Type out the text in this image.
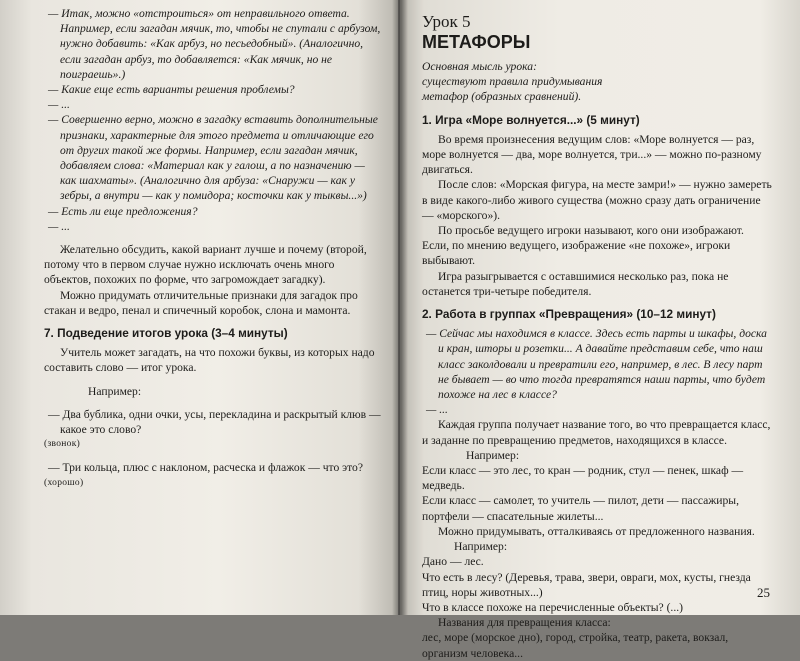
— Итак, можно «отстроиться» от неправильного ответа. Например, если загадан мячик, то, чтобы не спутали с арбузом, нужно добавить: «Как арбуз, но песьедобный». (Аналогично, если загадан арбуз, то добавляется: «Как мячик, но не поиграешь».)

— Какие еще есть варианты решения проблемы?

— ...

— Совершенно верно, можно в загадку вставить дополнительные признаки, характерные для этого предмета и отличающие его от других такой же формы. Например, если загадан мячик, добавляем слова: «Материал как у галош, а по назначению — как шахматы». (Аналогично для арбуза: «Снаружи — как у зебры, а внутри — как у помидора; косточки как у тыквы...»)

— Есть ли еще предложения?

— ...

Желательно обсудить, какой вариант лучше и почему (второй, потому что в первом случае нужно исключать очень много объектов, похожих по форме, что загромождает загадку).

Можно придумать отличительные признаки для загадок про стакан и ведро, пенал и спичечный коробок, слона и мамонта.

7. Подведение итогов урока (3–4 минуты)

Учитель может загадать, на что похожи буквы, из которых надо составить слово — итог урока.

Например:

— Два бублика, одни очки, усы, перекладина и раскрытый клюв — какое это слово?

(звонок)

— Три кольца, плюс с наклоном, расческа и флажок — что это?

(хорошо)

Урок 5
МЕТАФОРЫ

Основная мысль урока:

существуют правила придумывания

метафор (образных сравнений).

1. Игра «Море волнуется...» (5 минут)

Во время произнесения ведущим слов: «Море волнуется — раз, море волнуется — два, море волнуется, три...» — можно по-разному двигаться.

После слов: «Морская фигура, на месте замри!» — нужно замереть в виде какого-либо живого существа (можно сразу дать ограничение — «морского»).

По просьбе ведущего игроки называют, кого они изображают. Если, по мнению ведущего, изображение «не похоже», игроки выбывают.

Игра разыгрывается с оставшимися несколько раз, пока не останется три-четыре победителя.

2. Работа в группах «Превращения» (10–12 минут)

— Сейчас мы находимся в классе. Здесь есть парты и шкафы, доска и кран, шторы и розетки... А давайте представим себе, что наш класс заколдовали и превратили его, например, в лес. В лесу парт не бывает — во что тогда превратятся наши парты, что будет похоже на лес в классе?

— ...

Каждая группа получает название того, во что превращается класс, и заданне по превращению предметов, находящихся в классе.

Например:

Если класс — это лес, то кран — родник, стул — пенек, шкаф — медведь.

Если класс — самолет, то учитель — пилот, дети — пассажиры, портфели — спасательные жилеты...

Можно придумывать, отталкиваясь от предложенного названия.

Например:

Дано — лес.

Что есть в лесу? (Деревья, трава, звери, овраги, мох, кусты, гнезда птиц, норы животных...)

Что в классе похоже на перечисленные объекты? (...)

Названия для превращения класса:

лес, море (морское дно), город, стройка, театр, ракета, вокзал, организм человека...

25
